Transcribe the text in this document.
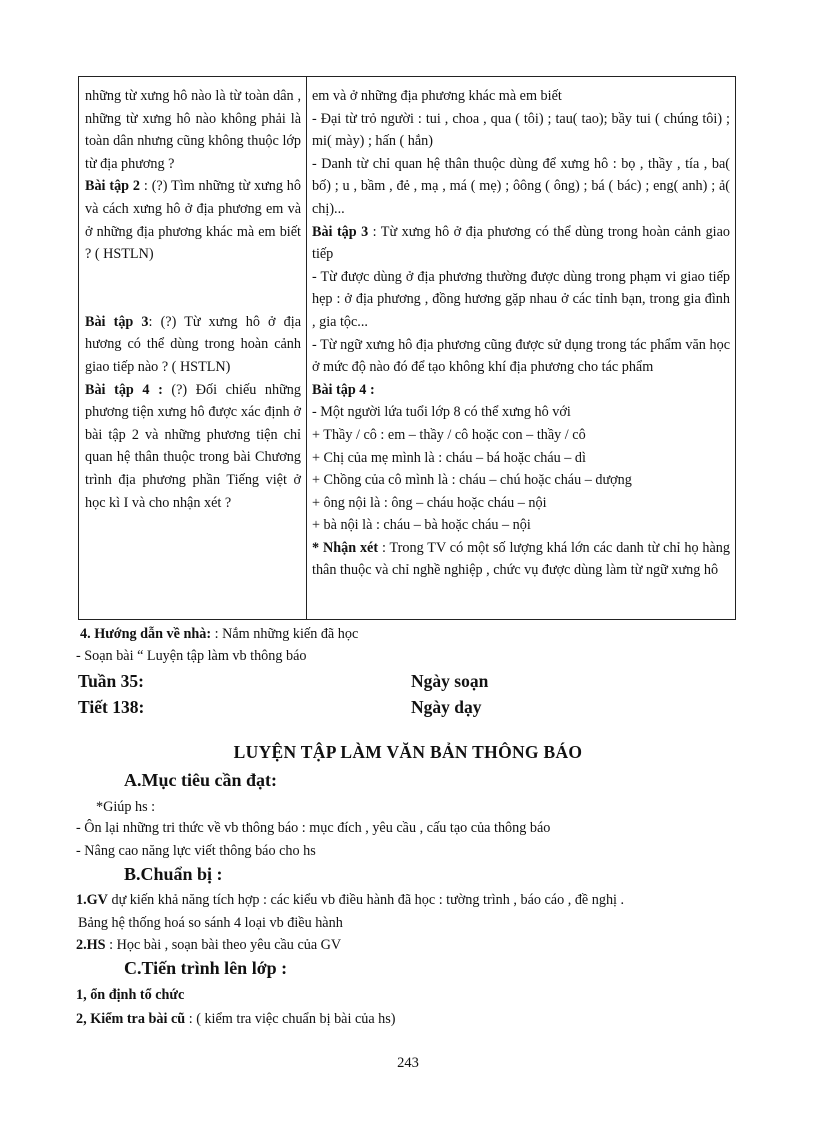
những từ xưng hô nào là từ toàn dân , những từ xưng hô nào không phải là toàn dân nhưng cũng không thuộc lớp từ địa phương ?

Bài tập 2 : (?) Tìm những từ xưng hô và cách xưng hô ở địa phương em và ở những địa phương khác mà em biết ? ( HSTLN)

Bài tập 3: (?) Từ xưng hô ở địa hương có thể dùng trong hoàn cảnh giao tiếp nào ? ( HSTLN)

Bài tập 4 : (?) Đối chiếu những phương tiện xưng hô được xác định ở bài tập 2 và những phương tiện chỉ quan hệ thân thuộc trong bài Chương trình địa phương phần Tiếng việt ở học kì I và cho nhận xét ?

em và ở những địa phương khác mà em biết

- Đại từ trỏ người : tui , choa , qua ( tôi) ; tau( tao); bầy tui ( chúng tôi) ; mi( mày) ; hấn ( hắn)

- Danh từ chỉ quan hệ thân thuộc dùng để xưng hô : bọ , thầy , tía , ba( bố) ; u , bầm , đẻ , mạ , má ( mẹ) ; ôông ( ông) ; bá ( bác) ; eng( anh) ; ả( chị)...

Bài tập 3 : Từ xưng hô ở địa phương có thể dùng trong hoàn cảnh giao tiếp

- Từ được dùng ở địa phương thường được dùng trong phạm vi giao tiếp hẹp : ở địa phương , đồng hương gặp nhau ở các tỉnh bạn, trong gia đình , gia tộc...

- Từ ngữ xưng hô địa phương cũng được sử dụng trong tác phẩm văn học ở mức độ nào đó để tạo không khí địa phương cho tác phẩm

Bài tập 4 :

- Một người lứa tuổi lớp 8 có thể xưng hô với

+ Thầy / cô : em – thầy / cô hoặc con – thầy / cô

+ Chị của mẹ mình là : cháu – bá hoặc cháu – dì

+ Chồng của cô mình là : cháu – chú hoặc cháu – dượng

+ ông nội là : ông – cháu hoặc cháu – nội

+ bà nội là : cháu – bà hoặc cháu – nội

* Nhận xét : Trong TV có một số lượng khá lớn các danh từ chỉ họ hàng thân thuộc và chỉ nghề nghiệp , chức vụ được dùng làm từ ngữ xưng hô

4. Hướng dẫn về nhà: : Nắm những kiến đã học
- Soạn bài “ Luyện tập làm vb thông báo
Tuần 35:	Ngày soạn
Tiết 138:	Ngày dạy
LUYỆN TẬP LÀM VĂN BẢN THÔNG BÁO
A.Mục tiêu cần đạt:
*Giúp hs :
- Ôn lại những tri thức về vb thông báo : mục đích , yêu cầu , cấu tạo của thông báo
- Nâng cao năng lực viết thông báo cho hs
B.Chuẩn bị :
1.GV dự kiến khả năng tích hợp : các kiểu vb điều hành đã học : tường trình , báo cáo , đề nghị .
Bảng hệ thống hoá so sánh 4 loại vb điều hành
2.HS : Học bài , soạn bài theo yêu cầu của GV
C.Tiến trình lên lớp :
1, ổn định tổ chức
2, Kiểm tra bài cũ : ( kiểm tra việc chuẩn bị bài của hs)
243
